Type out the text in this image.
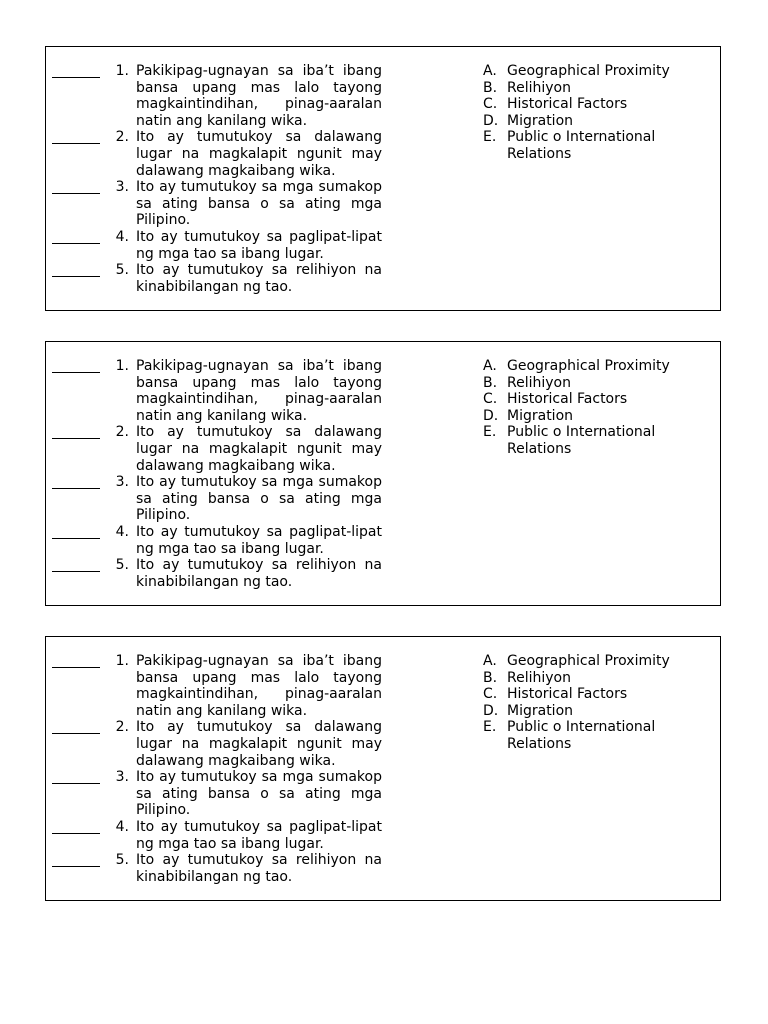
1. Pakikipag-ugnayan sa iba’t ibang bansa upang mas lalo tayong magkaintindihan, pinag-aaralan natin ang kanilang wika.
2. Ito ay tumutukoy sa dalawang lugar na magkalapit ngunit may dalawang magkaibang wika.
3. Ito ay tumutukoy sa mga sumakop sa ating bansa o sa ating mga Pilipino.
4. Ito ay tumutukoy sa paglipat-lipat ng mga tao sa ibang lugar.
5. Ito ay tumutukoy sa relihiyon na kinabibilangan ng tao.
A. Geographical Proximity
B. Relihiyon
C. Historical Factors
D. Migration
E. Public o International Relations
1. Pakikipag-ugnayan sa iba’t ibang bansa upang mas lalo tayong magkaintindihan, pinag-aaralan natin ang kanilang wika.
2. Ito ay tumutukoy sa dalawang lugar na magkalapit ngunit may dalawang magkaibang wika.
3. Ito ay tumutukoy sa mga sumakop sa ating bansa o sa ating mga Pilipino.
4. Ito ay tumutukoy sa paglipat-lipat ng mga tao sa ibang lugar.
5. Ito ay tumutukoy sa relihiyon na kinabibilangan ng tao.
A. Geographical Proximity
B. Relihiyon
C. Historical Factors
D. Migration
E. Public o International Relations
1. Pakikipag-ugnayan sa iba’t ibang bansa upang mas lalo tayong magkaintindihan, pinag-aaralan natin ang kanilang wika.
2. Ito ay tumutukoy sa dalawang lugar na magkalapit ngunit may dalawang magkaibang wika.
3. Ito ay tumutukoy sa mga sumakop sa ating bansa o sa ating mga Pilipino.
4. Ito ay tumutukoy sa paglipat-lipat ng mga tao sa ibang lugar.
5. Ito ay tumutukoy sa relihiyon na kinabibilangan ng tao.
A. Geographical Proximity
B. Relihiyon
C. Historical Factors
D. Migration
E. Public o International Relations
